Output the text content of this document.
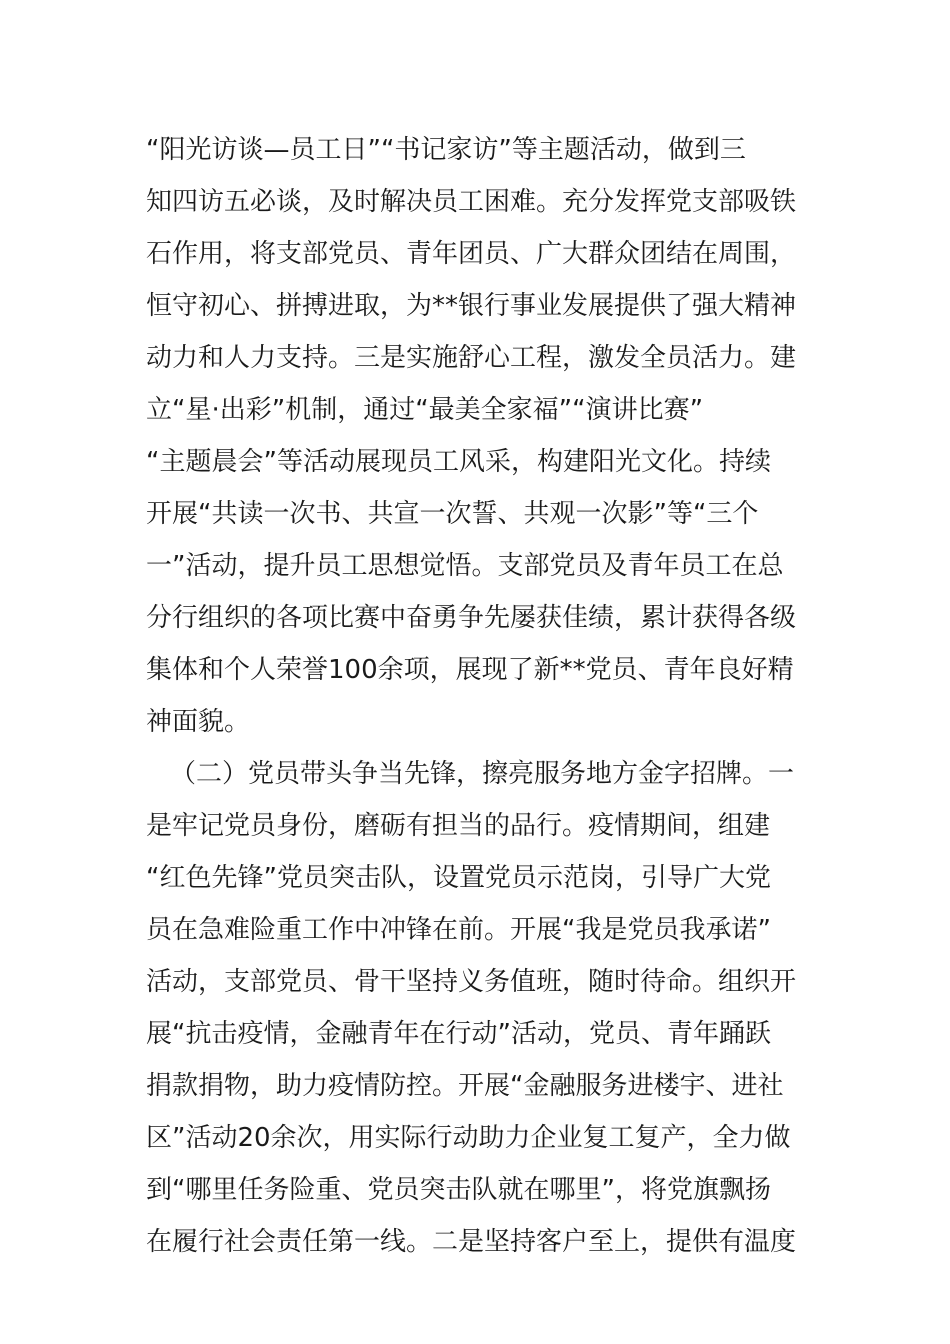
“阳光访谈—员工日”“书记家访”等主题活动，做到三
知四访五必谈，及时解决员工困难。充分发挥党支部吸铁
石作用，将支部党员、青年团员、广大群众团结在周围，
恒守初心、拼搏进取，为**银行事业发展提供了强大精神
动力和人力支持。三是实施舒心工程，激发全员活力。建
立“星·出彩”机制，通过“最美全家福”“演讲比赛”
“主题晨会”等活动展现员工风采，构建阳光文化。持续
开展“共读一次书、共宣一次誓、共观一次影”等“三个
一”活动，提升员工思想觉悟。支部党员及青年员工在总
分行组织的各项比赛中奋勇争先屡获佳绩，累计获得各级
集体和个人荣誉100余项，展现了新**党员、青年良好精
神面貌。
（二）党员带头争当先锋，擦亮服务地方金字招牌。一
是牢记党员身份，磨砺有担当的品行。疫情期间，组建
“红色先锋”党员突击队，设置党员示范岗，引导广大党
员在急难险重工作中冲锋在前。开展“我是党员我承诺”
活动，支部党员、骨干坚持义务值班，随时待命。组织开
展“抗击疫情，金融青年在行动”活动，党员、青年踊跃
捐款捐物，助力疫情防控。开展“金融服务进楼宇、进社
区”活动20余次，用实际行动助力企业复工复产，全力做
到“哪里任务险重、党员突击队就在哪里”，将党旗飘扬
在履行社会责任第一线。二是坚持客户至上，提供有温度
